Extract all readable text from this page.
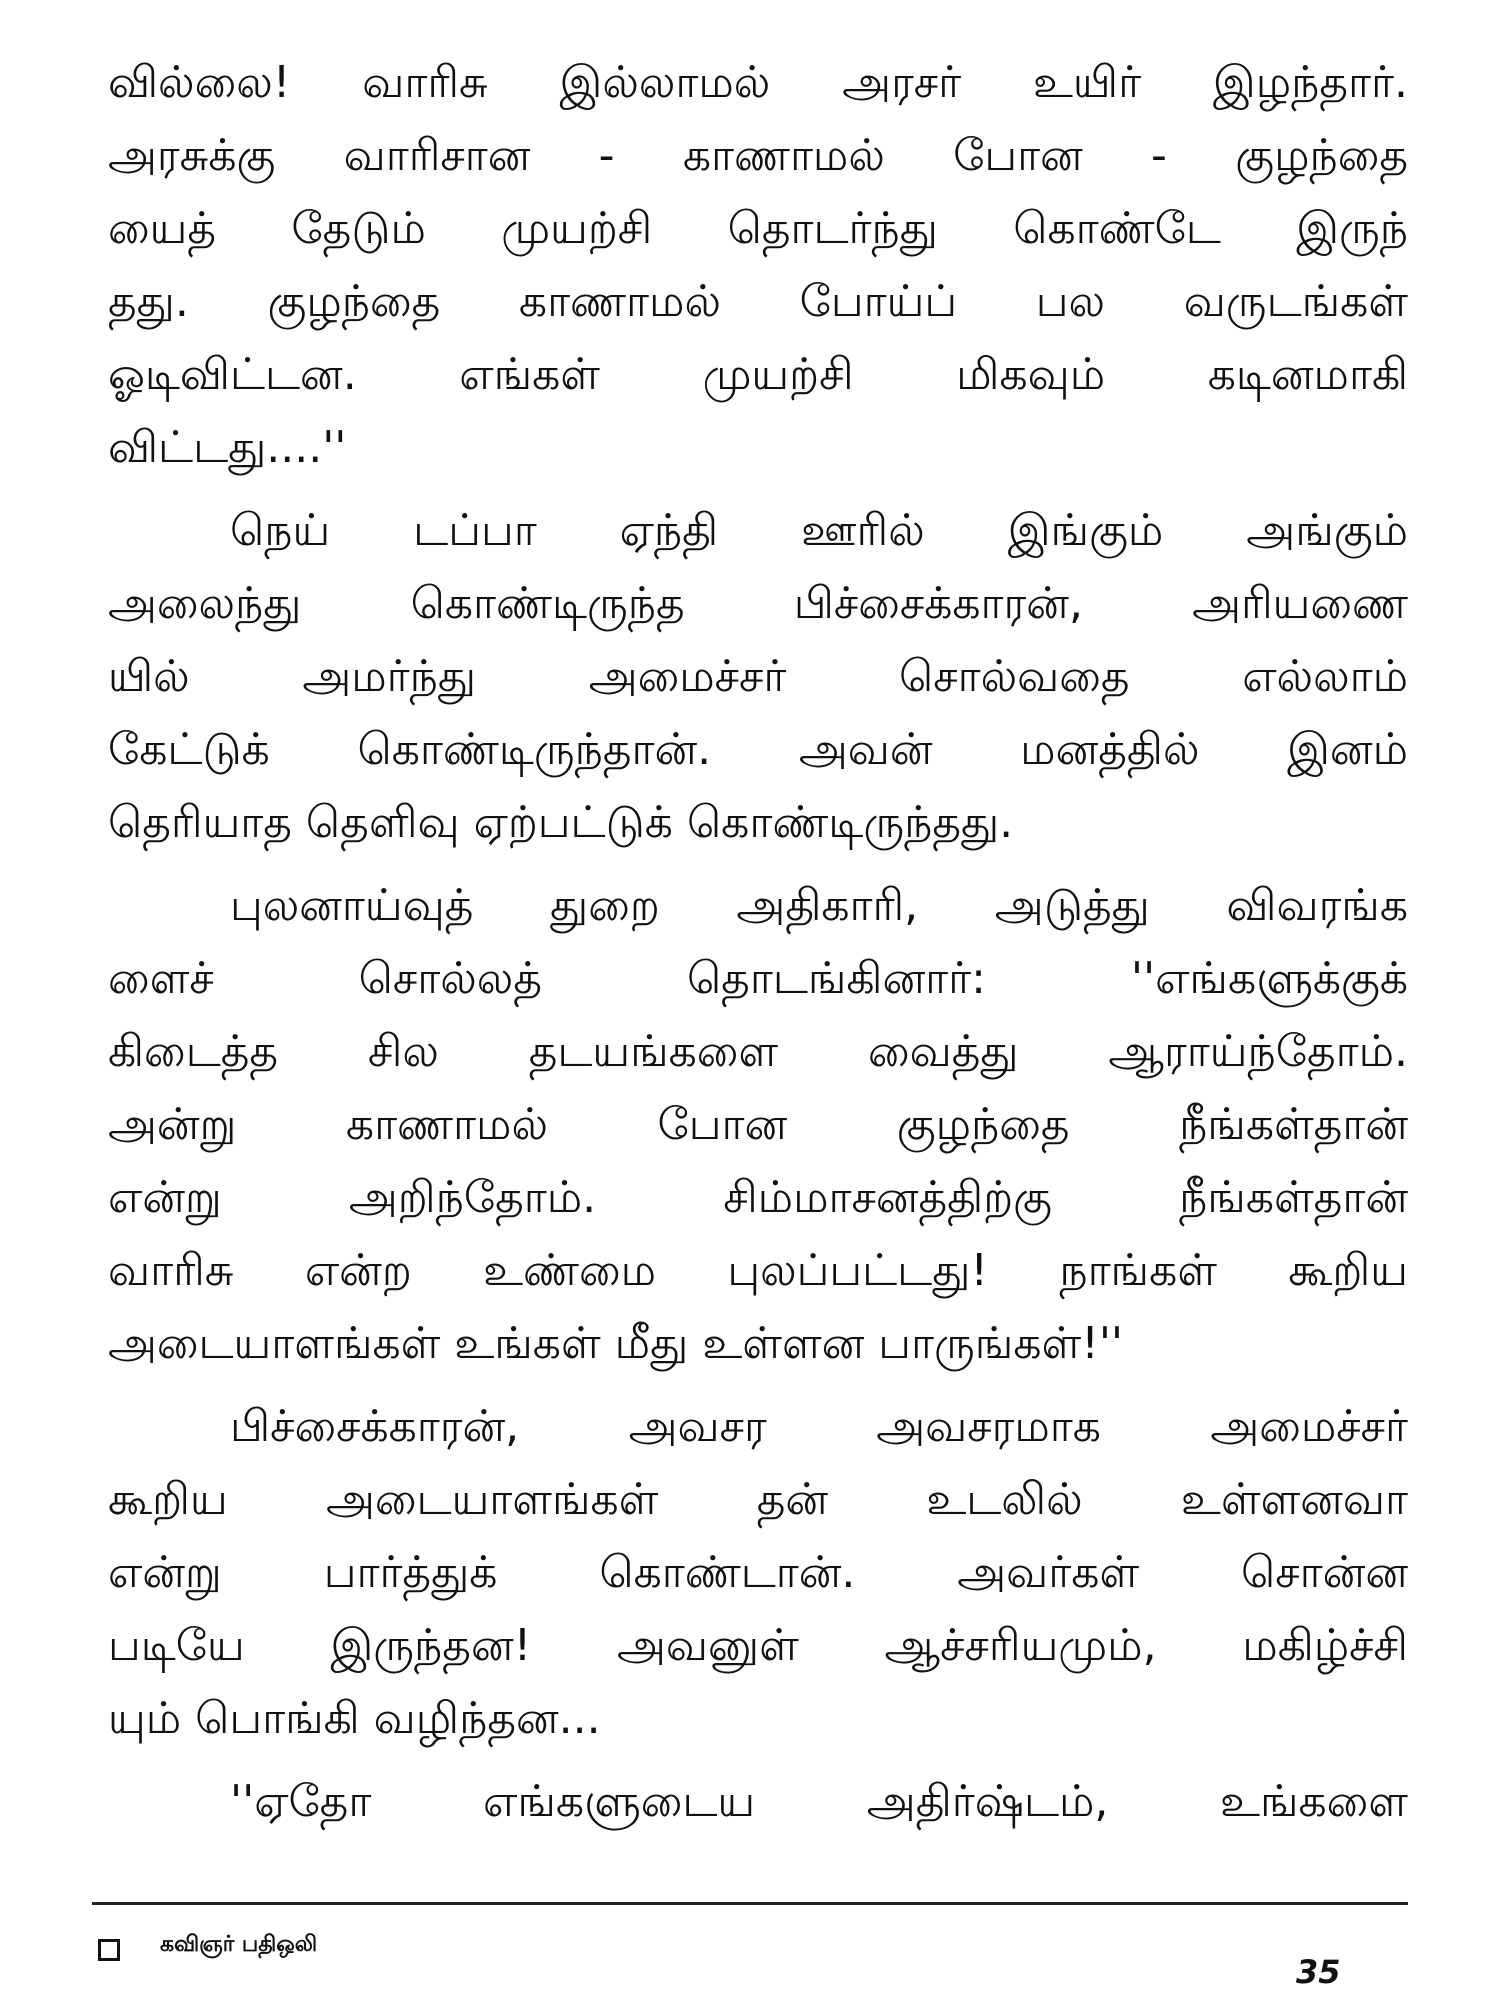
வில்லை! வாரிசு இல்லாமல் அரசர் உயிர் இழந்தார்.
அரசுக்கு வாரிசான - காணாமல் போன - குழந்தை
யைத் தேடும் முயற்சி தொடர்ந்து கொண்டே இருந்
தது. குழந்தை காணாமல் போய்ப் பல வருடங்கள்
ஓடிவிட்டன. எங்கள் முயற்சி மிகவும் கடினமாகி
விட்டது....''
நெய் டப்பா ஏந்தி ஊரில் இங்கும் அங்கும்
அலைந்து கொண்டிருந்த பிச்சைக்காரன், அரியணை
யில் அமர்ந்து அமைச்சர் சொல்வதை எல்லாம்
கேட்டுக் கொண்டிருந்தான். அவன் மனத்தில் இனம்
தெரியாத தெளிவு ஏற்பட்டுக் கொண்டிருந்தது.
புலனாய்வுத் துறை அதிகாரி, அடுத்து விவரங்க
ளைச் சொல்லத் தொடங்கினார்: ''எங்களுக்குக்
கிடைத்த சில தடயங்களை வைத்து ஆராய்ந்தோம்.
அன்று காணாமல் போன குழந்தை நீங்கள்தான்
என்று அறிந்தோம். சிம்மாசனத்திற்கு நீங்கள்தான்
வாரிசு என்ற உண்மை புலப்பட்டது! நாங்கள் கூறிய
அடையாளங்கள் உங்கள் மீது உள்ளன பாருங்கள்!''
பிச்சைக்காரன், அவசர அவசரமாக அமைச்சர்
கூறிய அடையாளங்கள் தன் உடலில் உள்ளனவா
என்று பார்த்துக் கொண்டான். அவர்கள் சொன்ன
படியே இருந்தன! அவனுள் ஆச்சரியமும், மகிழ்ச்சி
யும் பொங்கி வழிந்தன...
''ஏதோ எங்களுடைய அதிர்ஷ்டம், உங்களை
கவிஞர் பதிஒலி
35
